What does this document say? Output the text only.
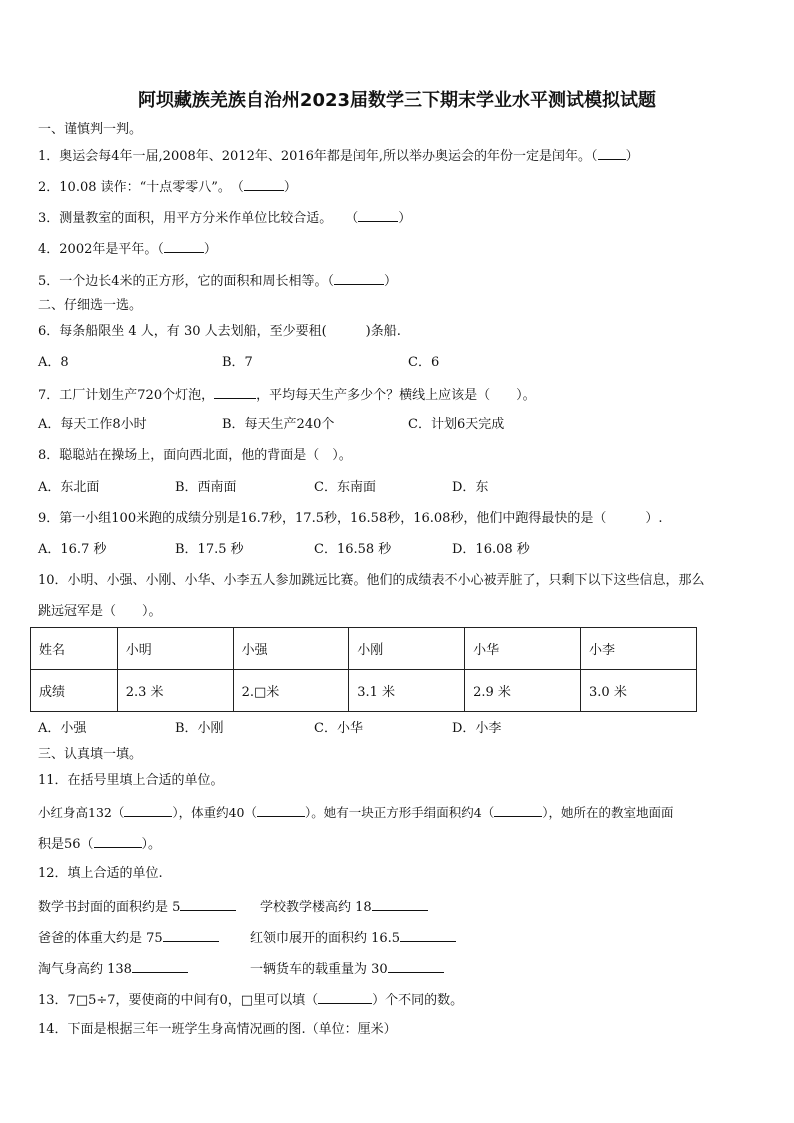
阿坝藏族羌族自治州2023届数学三下期末学业水平测试模拟试题
一、谨慎判一判。
1．奥运会每4年一届,2008年、2012年、2016年都是闰年,所以举办奥运会的年份一定是闰年。（ ）
2．10.08 读作：“十点零零八”。　（	）
3．测量教室的面积，用平方分米作单位比较合适。　　（	）
4．2002年是平年。（	）
5．一个边长4米的正方形，它的面积和周长相等。（	）
二、仔细选一选。
6．每条船限坐 4 人，有 30 人去划船，至少要租(　　　)条船.
A．8	B．7	C．6
7．工厂计划生产720个灯泡，	，平均每天生产多少个？横线上应该是（　　）。
A．每天工作8小时	B．每天生产240个	C．计划6天完成
8．聪聪站在操场上，面向西北面，他的背面是（　）。
A．东北面	B．西南面	C．东南面	D．东
9．第一小组100米跑的成绩分别是16.7秒，17.5秒，16.58秒，16.08秒，他们中跑得最快的是（　　　）.
A．16.7 秒	B．17.5 秒	C．16.58 秒	D．16.08 秒
10．小明、小强、小刚、小华、小李五人参加跳远比赛。他们的成绩表不小心被弄脏了，只剩下以下这些信息，那么
跳远冠军是（　　）。
姓名	小明	小强	小刚	小华	小李
成绩	2.3 米	2.□米	3.1 米	2.9 米	3.0 米
A．小强	B．小刚	C．小华	D．小李
三、认真填一填。
11．在括号里填上合适的单位。
小红身高132（	），体重约40（	）。她有一块正方形手绢面积约4（	），她所在的教室地面面
积是56（	）。
12．填上合适的单位.
数学书封面的面积约是 5	学校教学楼高约 18
爸爸的体重大约是 75	红领巾展开的面积约 16.5
淘气身高约 138	一辆货车的载重量为 30
13．7□5÷7，要使商的中间有0，□里可以填（	）个不同的数。
14．下面是根据三年一班学生身高情况画的图.（单位：厘米）
